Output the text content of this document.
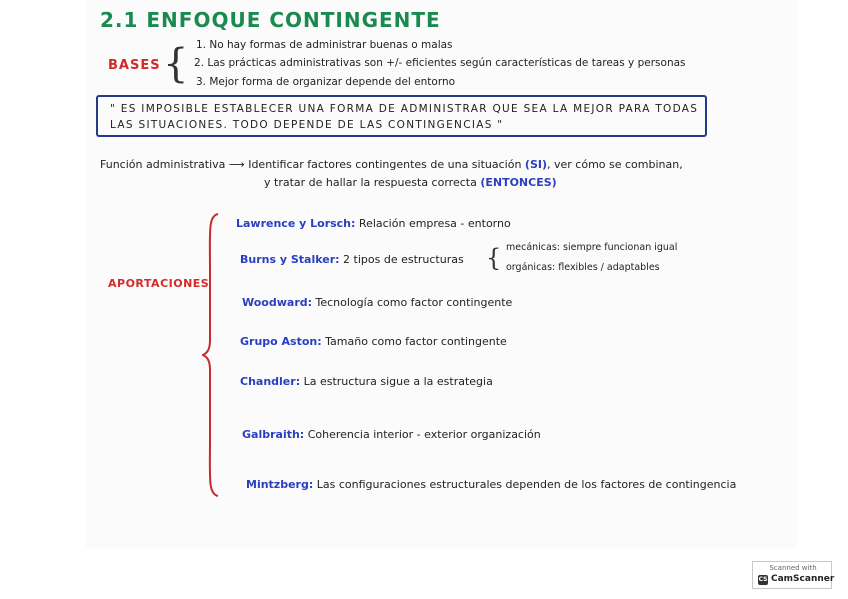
2.1 ENFOQUE CONTINGENTE
BASES { 1. No hay formas de administrar buenas o malas
2. Las prácticas administrativas son +/- eficientes según características de tareas y personas
3. Mejor forma de organizar depende del entorno
" ES IMPOSIBLE ESTABLECER UNA FORMA DE ADMINISTRAR QUE SEA LA MEJOR PARA TODAS LAS SITUACIONES. TODO DEPENDE DE LAS CONTINGENCIAS "
Función administrativa ⟶ Identificar factores contingentes de una situación (SI), ver cómo se combinan,
y tratar de hallar la respuesta correcta (ENTONCES)
APORTACIONES
Lawrence y Lorsch: Relación empresa - entorno
Burns y Stalker: 2 tipos de estructuras { mecánicas: siempre funcionan igual
orgánicas: flexibles / adaptables
Woodward: Tecnología como factor contingente
Grupo Aston: Tamaño como factor contingente
Chandler: La estructura sigue a la estrategia
Galbraith: Coherencia interior - exterior organización
Mintzberg: Las configuraciones estructurales dependen de los factores de contingencia
Scanned with
CS CamScanner
